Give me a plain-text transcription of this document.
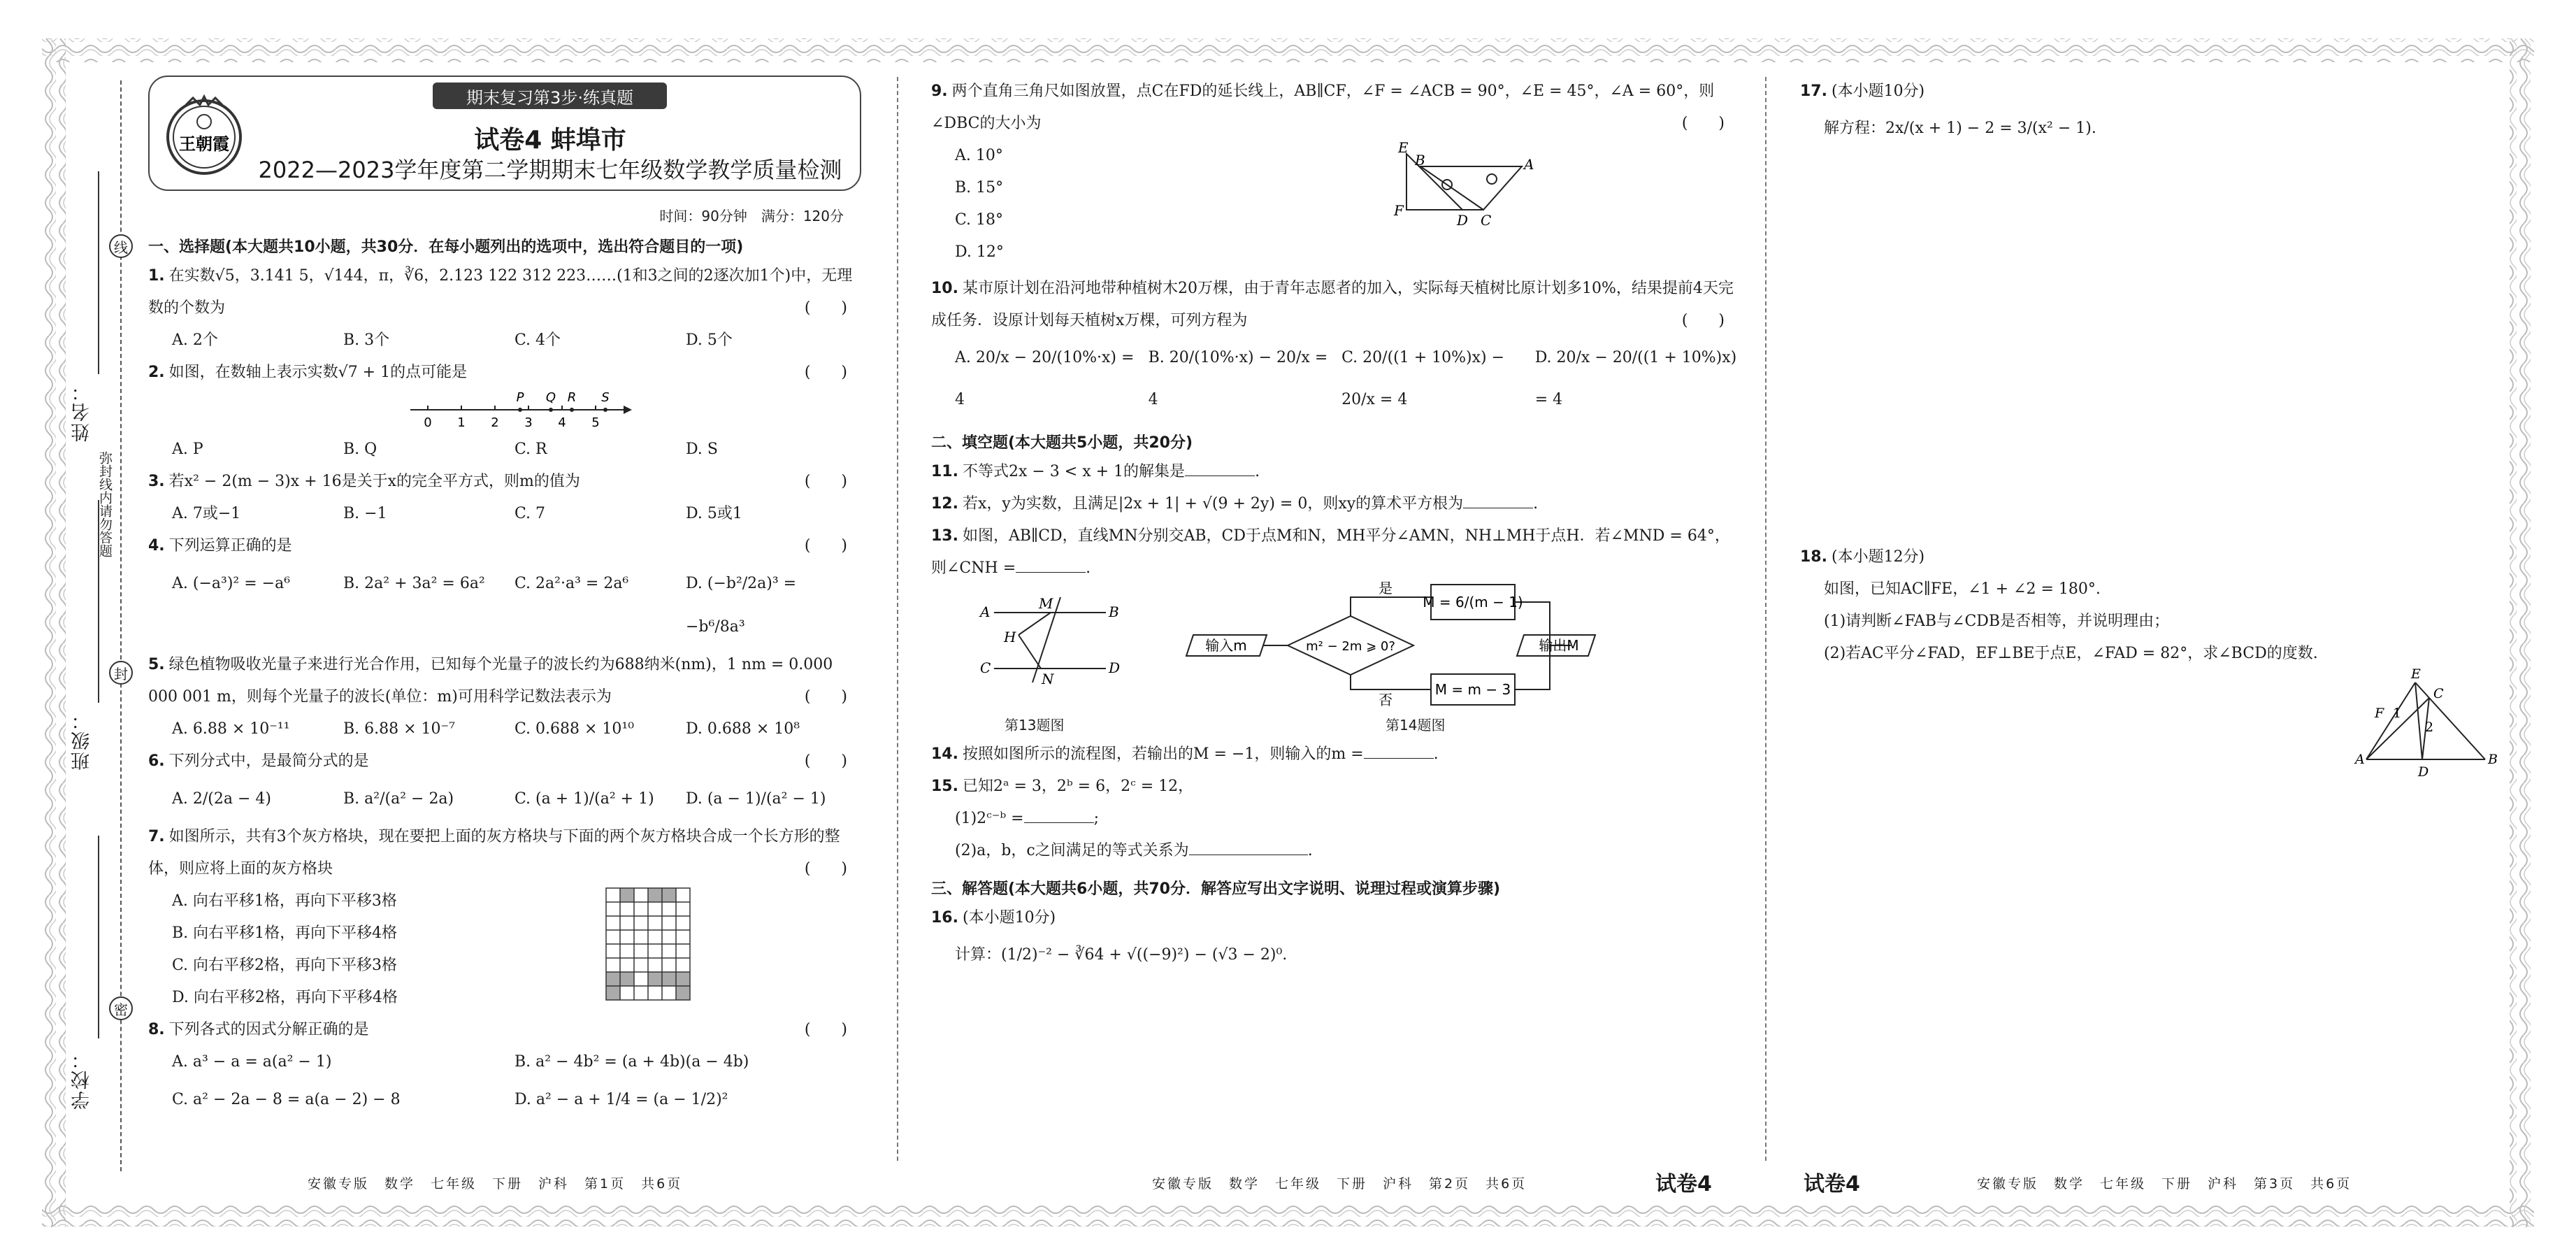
线
封
密
姓名：
班级：
学校：
弥封线内请勿答题
期末复习第3步·练真题
王朝霞	试卷4 蚌埠市
2022—2023学年度第二学期期末七年级数学教学质量检测
时间：90分钟　满分：120分
一、选择题(本大题共10小题，共30分．在每小题列出的选项中，选出符合题目的一项)
1. 在实数√5，3.141 5，√144，π，∛6，2.123 122 312 223……(1和3之间的2逐次加1个)中，无理数的个数为	(　　)
A. 2个	B. 3个	C. 4个	D. 5个
2. 如图，在数轴上表示实数√7 + 1的点可能是	(　　)
0 1 2 3 4 5
P Q R S
A. P	B. Q	C. R	D. S
3. 若x² − 2(m − 3)x + 16是关于x的完全平方式，则m的值为	(　　)
A. 7或−1	B. −1	C. 7	D. 5或1
4. 下列运算正确的是	(　　)
A. (−a³)² = −a⁶	B. 2a² + 3a² = 6a²	C. 2a²·a³ = 2a⁶	D. (−b²/2a)³ = −b⁶/8a³
5. 绿色植物吸收光量子来进行光合作用，已知每个光量子的波长约为688纳米(nm)，1 nm = 0.000 000 001 m，则每个光量子的波长(单位：m)可用科学记数法表示为	(　　)
A. 6.88 × 10⁻¹¹	B. 6.88 × 10⁻⁷	C. 0.688 × 10¹⁰	D. 0.688 × 10⁸
6. 下列分式中，是最简分式的是	(　　)
A. 2/(2a − 4)	B. a²/(a² − 2a)	C. (a + 1)/(a² + 1)	D. (a − 1)/(a² − 1)
7. 如图所示，共有3个灰方格块，现在要把上面的灰方格块与下面的两个灰方格块合成一个长方形的整体，则应将上面的灰方格块	(　　)
A. 向右平移1格，再向下平移3格
B. 向右平移1格，再向下平移4格
C. 向右平移2格，再向下平移3格
D. 向右平移2格，再向下平移4格
8. 下列各式的因式分解正确的是	(　　)
A. a³ − a = a(a² − 1)	B. a² − 4b² = (a + 4b)(a − 4b)
C. a² − 2a − 8 = a(a − 2) − 8	D. a² − a + 1/4 = (a − 1/2)²
9. 两个直角三角尺如图放置，点C在FD的延长线上，AB∥CF，∠F = ∠ACB = 90°，∠E = 45°，∠A = 60°，则∠DBC的大小为	(　　)
A. 10°
B. 15°
C. 18°
D. 12°
E
B	A
F
D C
10. 某市原计划在沿河地带种植树木20万棵，由于青年志愿者的加入，实际每天植树比原计划多10%，结果提前4天完成任务．设原计划每天植树x万棵，可列方程为	(　　)
A. 20/x − 20/(10%·x) = 4
B. 20/(10%·x) − 20/x = 4
C. 20/((1 + 10%)x) − 20/x = 4
D. 20/x − 20/((1 + 10%)x) = 4
二、填空题(本大题共5小题，共20分)
11. 不等式2x − 3 < x + 1的解集是	.
12. 若x，y为实数，且满足|2x + 1| + √(9 + 2y) = 0，则xy的算术平方根为	.
13. 如图，AB∥CD，直线MN分别交AB，CD于点M和N，MH平分∠AMN，NH⊥MH于点H．若∠MND = 64°，则∠CNH =	.
A	M	B
H
C
N
D
第13题图
输入m	m² − 2m ⩾ 0?
是
否
M = 6/(m − 1)
M = m − 3
输出M
第14题图
14. 按照如图所示的流程图，若输出的M = −1，则输入的m =	.
15. 已知2ᵃ = 3，2ᵇ = 6，2ᶜ = 12，
(1)2ᶜ⁻ᵇ =	;
(2)a，b，c之间满足的等式关系为	.
三、解答题(本大题共6小题，共70分．解答应写出文字说明、说理过程或演算步骤)
16. (本小题10分)
计算：(1/2)⁻² − ∛64 + √((−9)²) − (√3 − 2)⁰.
17. (本小题10分)
解方程：2x/(x + 1) − 2 = 3/(x² − 1).
18. (本小题12分)
如图，已知AC∥FE，∠1 + ∠2 = 180°.
(1)请判断∠FAB与∠CDB是否相等，并说明理由；
(2)若AC平分∠FAD，EF⊥BE于点E，∠FAD = 82°，求∠BCD的度数.
E
F 1
C
2
A
D
B
安徽专版　数学　七年级　下册　沪科　第1页　共6页	安徽专版　数学　七年级　下册　沪科　第2页　共6页	试卷4	试卷4	安徽专版　数学　七年级　下册　沪科　第3页　共6页
